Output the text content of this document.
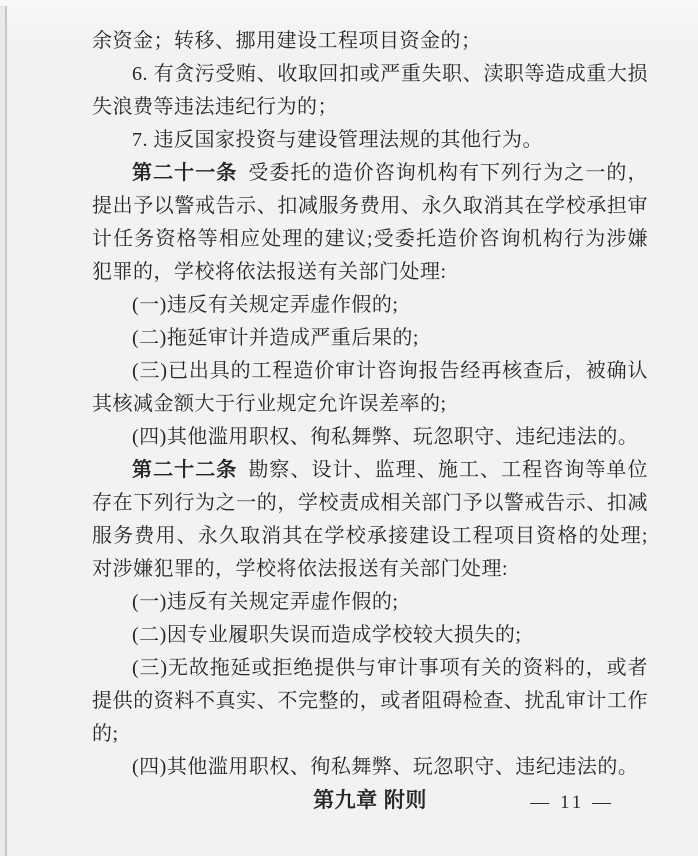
余资金；转移、挪用建设工程项目资金的；

6. 有贪污受贿、收取回扣或严重失职、渎职等造成重大损失浪费等违法违纪行为的；

7. 违反国家投资与建设管理法规的其他行为。

第二十一条 受委托的造价咨询机构有下列行为之一的，提出予以警戒告示、扣减服务费用、永久取消其在学校承担审计任务资格等相应处理的建议;受委托造价咨询机构行为涉嫌犯罪的，学校将依法报送有关部门处理:

(一)违反有关规定弄虚作假的;

(二)拖延审计并造成严重后果的;

(三)已出具的工程造价审计咨询报告经再核查后，被确认其核减金额大于行业规定允许误差率的;

(四)其他滥用职权、徇私舞弊、玩忽职守、违纪违法的。

第二十二条 勘察、设计、监理、施工、工程咨询等单位存在下列行为之一的，学校责成相关部门予以警戒告示、扣减服务费用、永久取消其在学校承接建设工程项目资格的处理;对涉嫌犯罪的，学校将依法报送有关部门处理:

(一)违反有关规定弄虚作假的;

(二)因专业履职失误而造成学校较大损失的;

(三)无故拖延或拒绝提供与审计事项有关的资料的，或者提供的资料不真实、不完整的，或者阻碍检查、扰乱审计工作的;

(四)其他滥用职权、徇私舞弊、玩忽职守、违纪违法的。

第九章 附则	— 11 —
